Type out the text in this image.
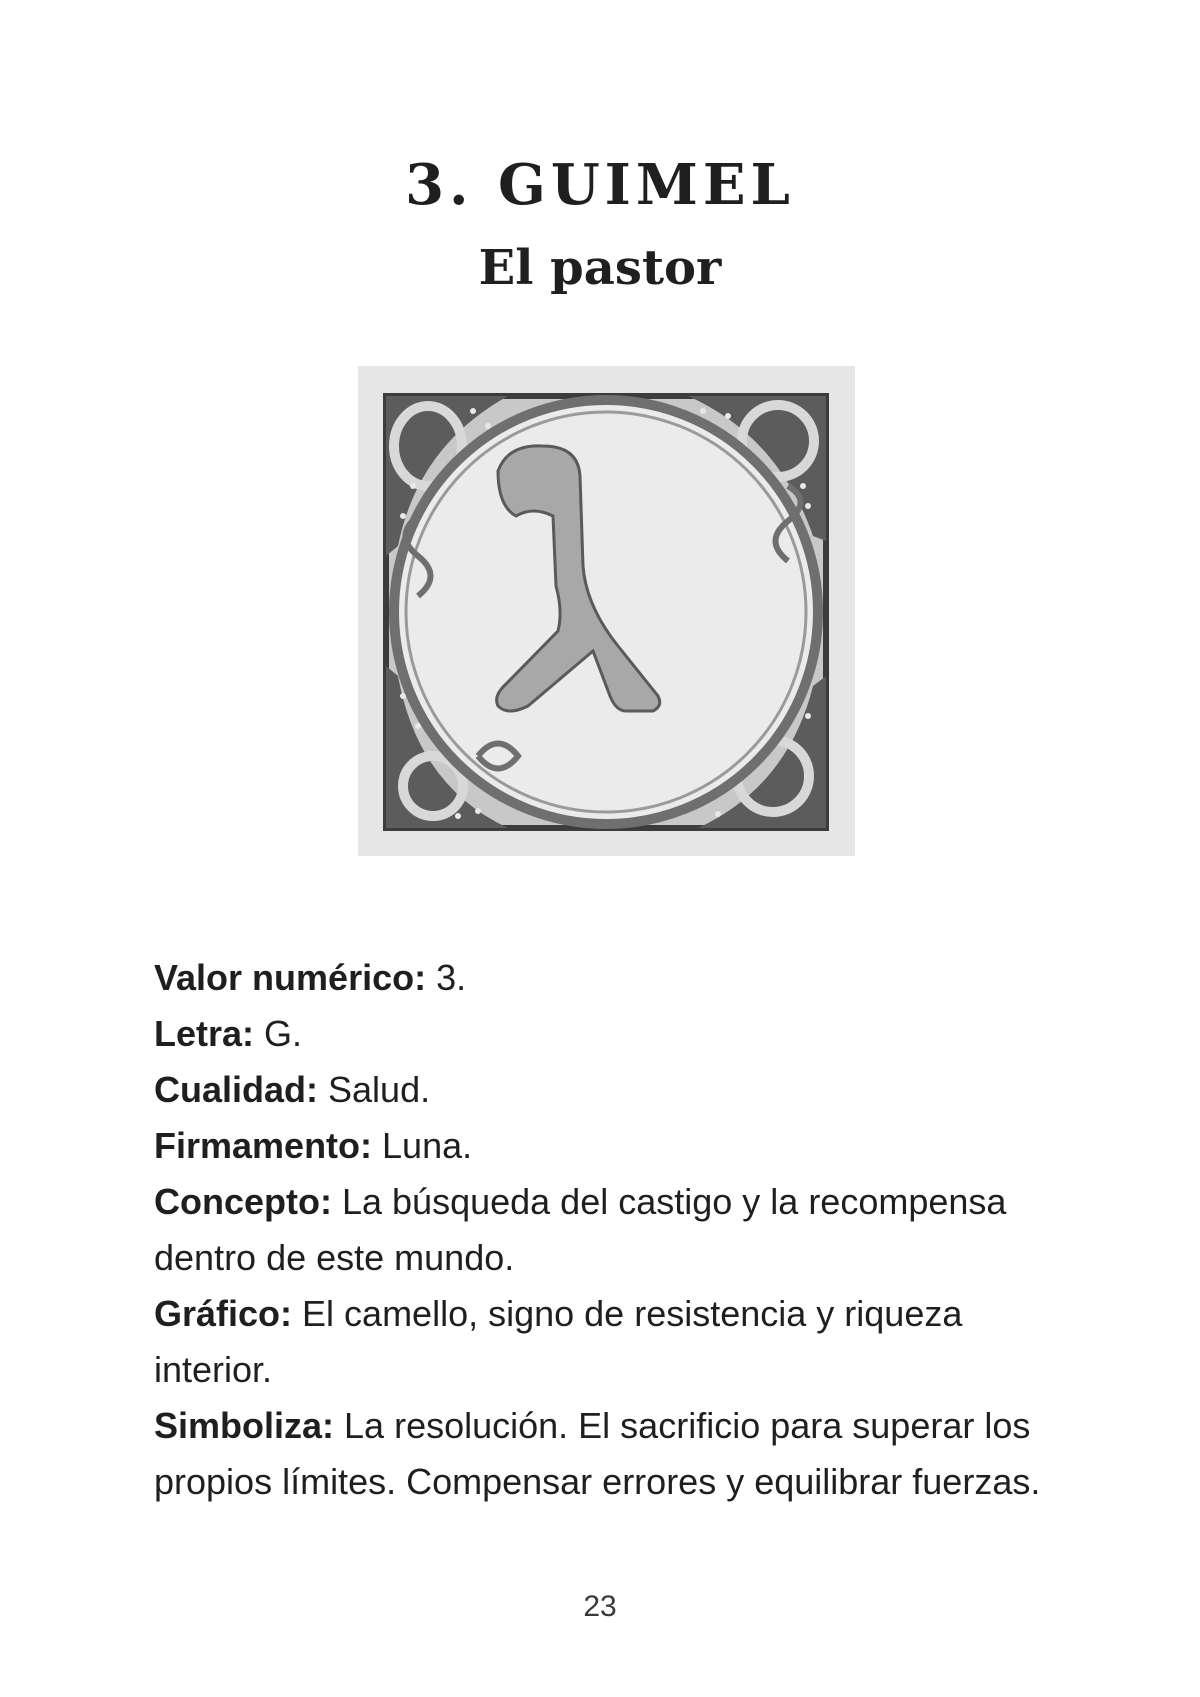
3. GUIMEL
El pastor
ᐧ

Valor numérico: 3.

Letra: G.

Cualidad: Salud.

Firmamento: Luna.

Concepto: La búsqueda del castigo y la recompensa dentro de este mundo.

Gráfico: El camello, signo de resistencia y riqueza interior.

Simboliza: La resolución. El sacrificio para superar los propios límites. Compensar errores y equilibrar fuerzas.

23
